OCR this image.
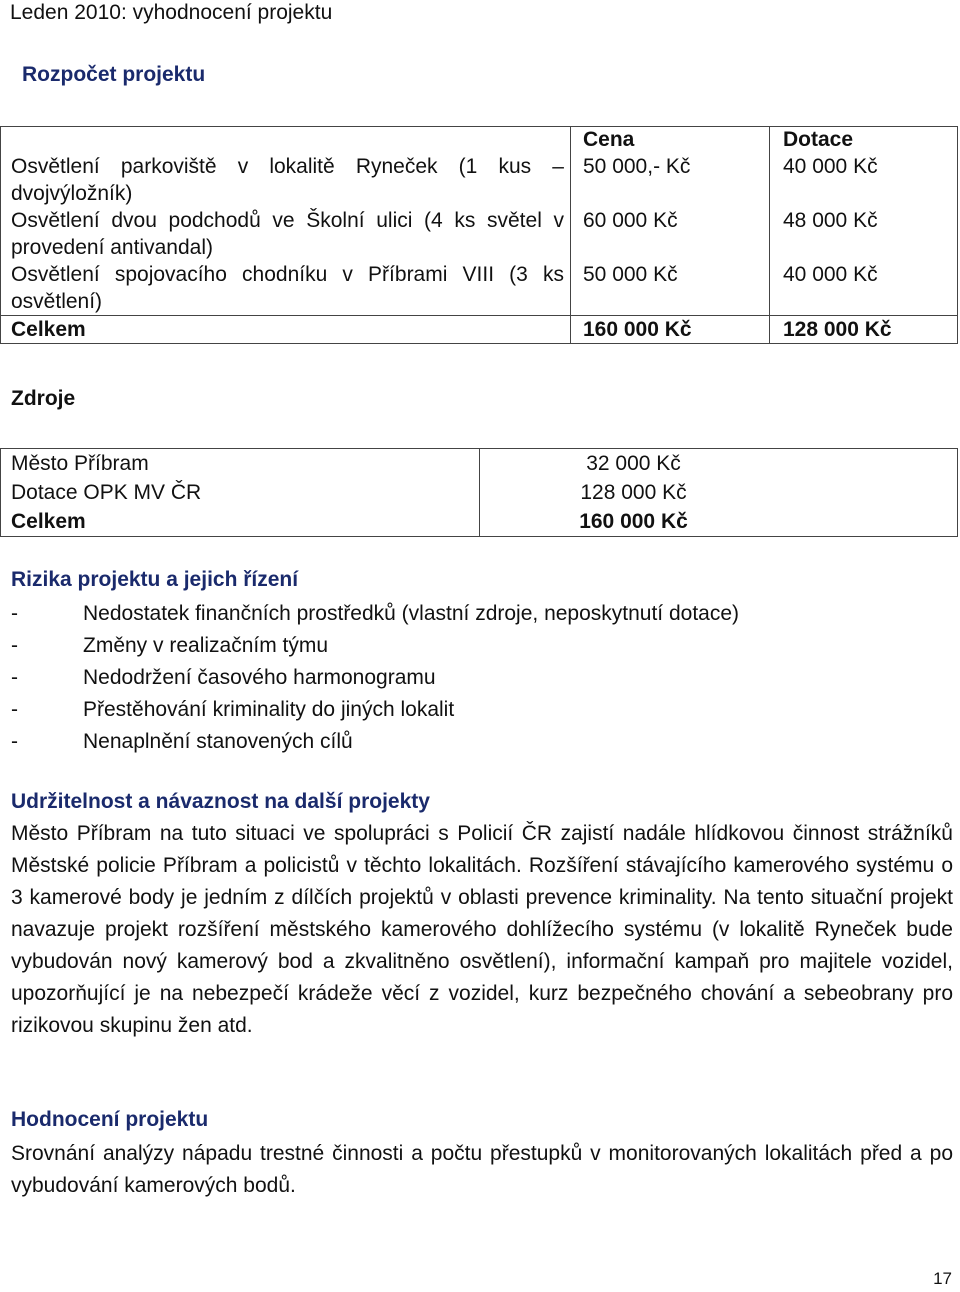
Leden 2010: vyhodnocení projektu
Rozpočet projektu
	Cena	Dotace
Osvětlení parkoviště v lokalitě Ryneček (1 kus – dvojvýložník)	50 000,- Kč	40 000 Kč
Osvětlení dvou podchodů ve Školní ulici (4 ks světel v provedení antivandal)	60 000 Kč	48 000 Kč
Osvětlení spojovacího chodníku v Příbrami VIII (3 ks osvětlení)	50 000 Kč	40 000 Kč
Celkem	160 000 Kč	128 000 Kč
Zdroje
Město Příbram	32 000 Kč
Dotace OPK MV ČR	128 000 Kč
Celkem	160 000 Kč
Rizika projektu a jejich řízení
-	Nedostatek finančních prostředků (vlastní zdroje, neposkytnutí dotace)
-	Změny v realizačním týmu
-	Nedodržení časového harmonogramu
-	Přestěhování kriminality do jiných lokalit
-	Nenaplnění stanovených cílů
Udržitelnost a návaznost na další projekty

Město Příbram na tuto situaci ve spolupráci s Policií ČR zajistí nadále hlídkovou činnost strážníků Městské policie Příbram a policistů v těchto lokalitách. Rozšíření stávajícího kamerového systému o 3 kamerové body je jedním z dílčích projektů v oblasti prevence kriminality. Na tento situační projekt navazuje projekt rozšíření městského kamerového dohlížecího systému (v lokalitě Ryneček bude vybudován nový kamerový bod a zkvalitněno osvětlení), informační kampaň pro majitele vozidel, upozorňující je na nebezpečí krádeže věcí z vozidel, kurz bezpečného chování a sebeobrany pro rizikovou skupinu žen atd.

Hodnocení projektu

Srovnání analýzy nápadu trestné činnosti a počtu přestupků v monitorovaných lokalitách před a po vybudování kamerových bodů.

17
